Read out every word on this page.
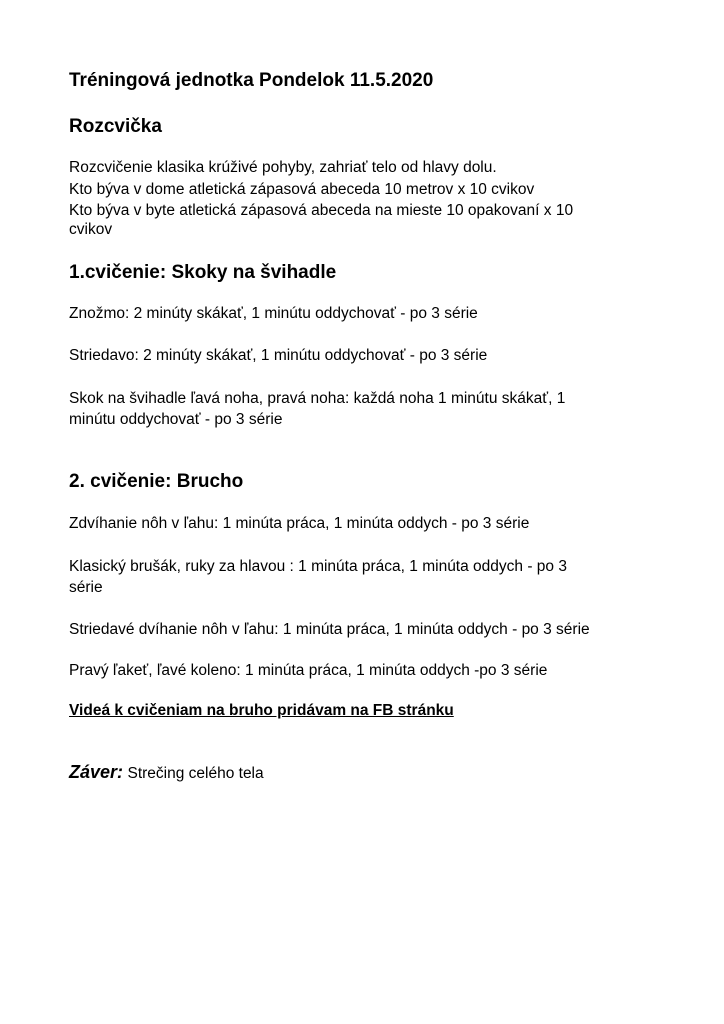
Tréningová jednotka Pondelok 11.5.2020
Rozcvička
Rozcvičenie klasika krúživé pohyby, zahriať telo od hlavy dolu.
Kto býva v dome atletická zápasová abeceda 10 metrov x 10 cvikov
Kto býva v byte atletická zápasová abeceda na mieste 10 opakovaní x 10
cvikov
1.cvičenie: Skoky na švihadle
Znožmo: 2 minúty skákať, 1 minútu oddychovať - po 3 série
Striedavo: 2 minúty skákať, 1 minútu oddychovať - po 3 série
Skok na švihadle ľavá noha, pravá noha: každá noha 1 minútu skákať, 1
minútu oddychovať - po 3 série
2. cvičenie: Brucho
Zdvíhanie nôh v ľahu: 1 minúta práca, 1 minúta oddych - po 3 série
Klasický brušák, ruky za hlavou : 1 minúta práca, 1 minúta oddych - po 3
série
Striedavé dvíhanie nôh v ľahu: 1 minúta práca, 1 minúta oddych - po 3 série
Pravý ľakeť, ľavé koleno: 1 minúta práca, 1 minúta oddych -po 3 série
Videá k cvičeniam na bruho pridávam na FB stránku
Záver: Strečing celého tela
